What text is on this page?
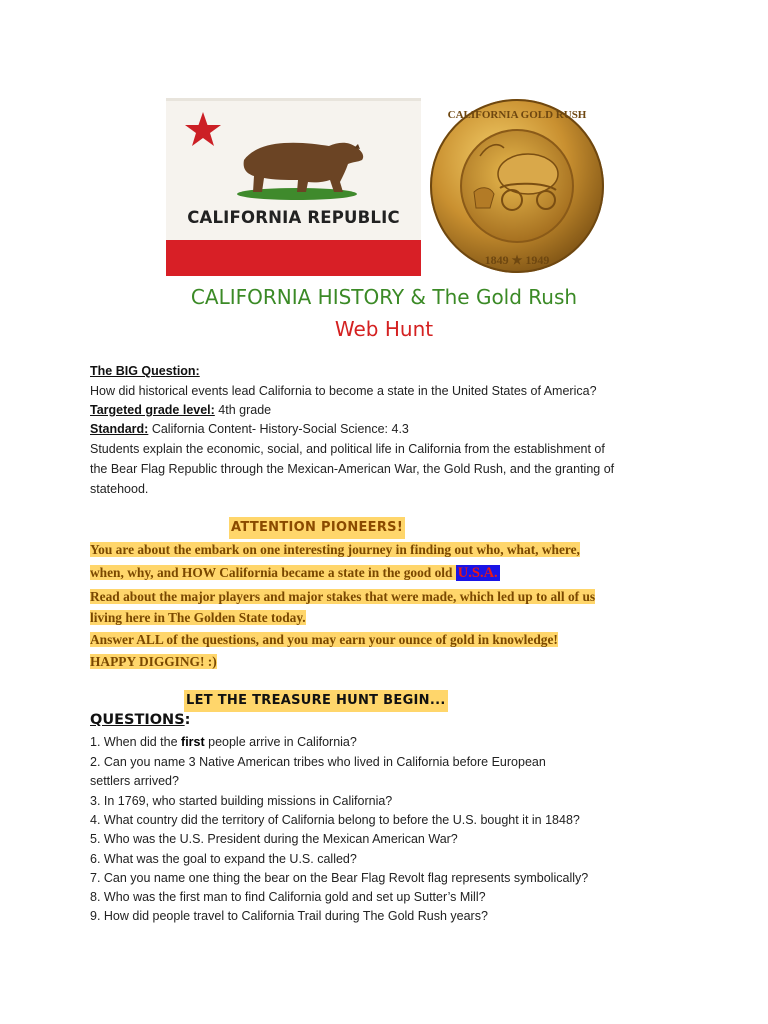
CALIFORNIA REPUBLIC
CALIFORNIA GOLD RUSH
1849 ★ 1949
CALIFORNIA HISTORY & The Gold Rush
Web Hunt
The BIG Question:
How did historical events lead California to become a state in the United States of America?
Targeted grade level: 4th grade
Standard: California Content- History-Social Science: 4.3
Students explain the economic, social, and political life in California from the establishment of
the Bear Flag Republic through the Mexican-American War, the Gold Rush, and the granting of
statehood.
ATTENTION PIONEERS!
You are about the embark on one interesting journey in finding out who, what, where,
when, why, and HOW California became a state in the good old U.S.A.
Read about the major players and major stakes that were made, which led up to all of us
living here in The Golden State today.
Answer ALL of the questions, and you may earn your ounce of gold in knowledge!
HAPPY DIGGING! :)
LET THE TREASURE HUNT BEGIN...
QUESTIONS:
1. When did the first people arrive in California?
2. Can you name 3 Native American tribes who lived in California before European
settlers arrived?
3. In 1769, who started building missions in California?
4. What country did the territory of California belong to before the U.S. bought it in 1848?
5. Who was the U.S. President during the Mexican American War?
6. What was the goal to expand the U.S. called?
7. Can you name one thing the bear on the Bear Flag Revolt flag represents symbolically?
8. Who was the first man to find California gold and set up Sutter’s Mill?
9. How did people travel to California Trail during The Gold Rush years?
